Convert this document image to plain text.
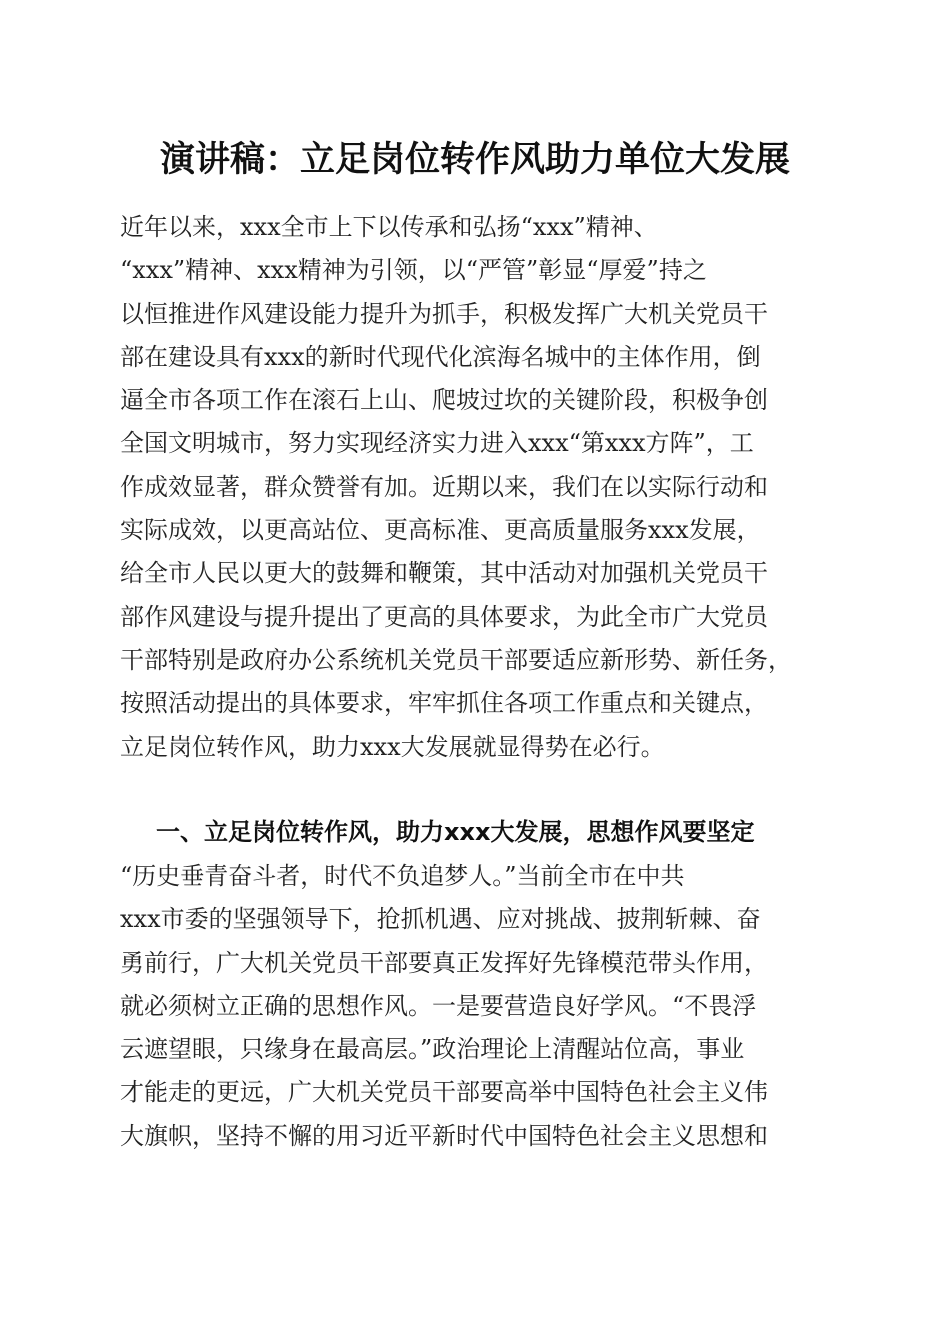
演讲稿：立足岗位转作风助力单位大发展
近年以来，xxx全市上下以传承和弘扬“xxx”精神、
“xxx”精神、xxx精神为引领，以“严管”彰显“厚爱”持之
以恒推进作风建设能力提升为抓手，积极发挥广大机关党员干
部在建设具有xxx的新时代现代化滨海名城中的主体作用，倒
逼全市各项工作在滚石上山、爬坡过坎的关键阶段，积极争创
全国文明城市，努力实现经济实力进入xxx“第xxx方阵”，工
作成效显著，群众赞誉有加。近期以来，我们在以实际行动和
实际成效，以更高站位、更高标准、更高质量服务xxx发展，
给全市人民以更大的鼓舞和鞭策，其中活动对加强机关党员干
部作风建设与提升提出了更高的具体要求，为此全市广大党员
干部特别是政府办公系统机关党员干部要适应新形势、新任务，
按照活动提出的具体要求，牢牢抓住各项工作重点和关键点，
立足岗位转作风，助力xxx大发展就显得势在必行。
一、立足岗位转作风，助力xxx大发展，思想作风要坚定
“历史垂青奋斗者，时代不负追梦人。”当前全市在中共
xxx市委的坚强领导下，抢抓机遇、应对挑战、披荆斩棘、奋
勇前行，广大机关党员干部要真正发挥好先锋模范带头作用，
就必须树立正确的思想作风。一是要营造良好学风。“不畏浮
云遮望眼，只缘身在最高层。”政治理论上清醒站位高，事业
才能走的更远，广大机关党员干部要高举中国特色社会主义伟
大旗帜，坚持不懈的用习近平新时代中国特色社会主义思想和
